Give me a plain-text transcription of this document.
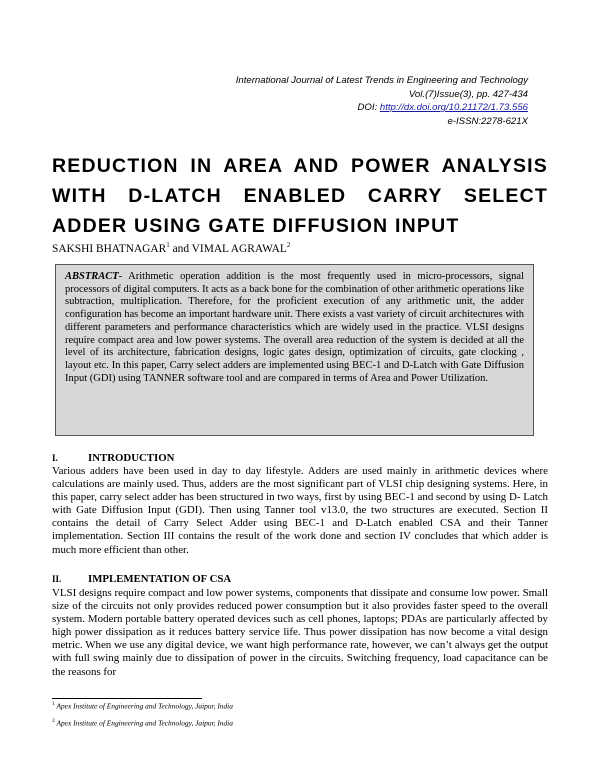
International Journal of Latest Trends in Engineering and Technology
Vol.(7)Issue(3), pp. 427-434
DOI: http://dx.doi.org/10.21172/1.73.556
e-ISSN:2278-621X
REDUCTION IN AREA AND POWER ANALYSIS WITH D-LATCH ENABLED CARRY SELECT ADDER USING GATE DIFFUSION INPUT
SAKSHI BHATNAGAR$^1$ and VIMAL AGRAWAL$^2$
ABSTRACT- Arithmetic operation addition is the most frequently used in micro-processors, signal processors of digital computers. It acts as a back bone for the combination of other arithmetic operations like subtraction, multiplication. Therefore, for the proficient execution of any arithmetic unit, the adder configuration has become an important hardware unit. There exists a vast variety of circuit architectures with different parameters and performance characteristics which are widely used in the practice. VLSI designs require compact area and low power systems. The overall area reduction of the system is decided at all the level of its architecture, fabrication designs, logic gates design, optimization of circuits, gate clocking , layout etc. In this paper, Carry select adders are implemented using BEC-1 and D-Latch with Gate Diffusion Input (GDI) using TANNER software tool and are compared in terms of Area and Power Utilization.
I.	INTRODUCTION
Various adders have been used in day to day lifestyle. Adders are used mainly in arithmetic devices where calculations are mainly used. Thus, adders are the most significant part of VLSI chip designing systems. Here, in this paper, carry select adder has been structured in two ways, first by using BEC-1 and second by using D- Latch with Gate Diffusion Input (GDI). Then using Tanner tool v13.0, the two structures are executed. Section II contains the detail of Carry Select Adder using BEC-1 and D-Latch enabled CSA and their Tanner implementation. Section III contains the result of the work done and section IV concludes that which adder is much more efficient than other.
II. IMPLEMENTATION OF CSA
VLSI designs require compact and low power systems, components that dissipate and consume low power. Small size of the circuits not only provides reduced power consumption but it also provides faster speed to the overall system. Modern portable battery operated devices such as cell phones, laptops; PDAs are particularly affected by high power dissipation as it reduces battery service life. Thus power dissipation has now become a vital design metric. When we use any digital device, we want high performance rate, however, we can’t always get the output with full swing mainly due to dissipation of power in the circuits. Switching frequency, load capacitance can be the reasons for
$^1$ Apex Institute of Engineering and Technology, Jaipur, India
$^2$ Apex Institute of Engineering and Technology, Jaipur, India
